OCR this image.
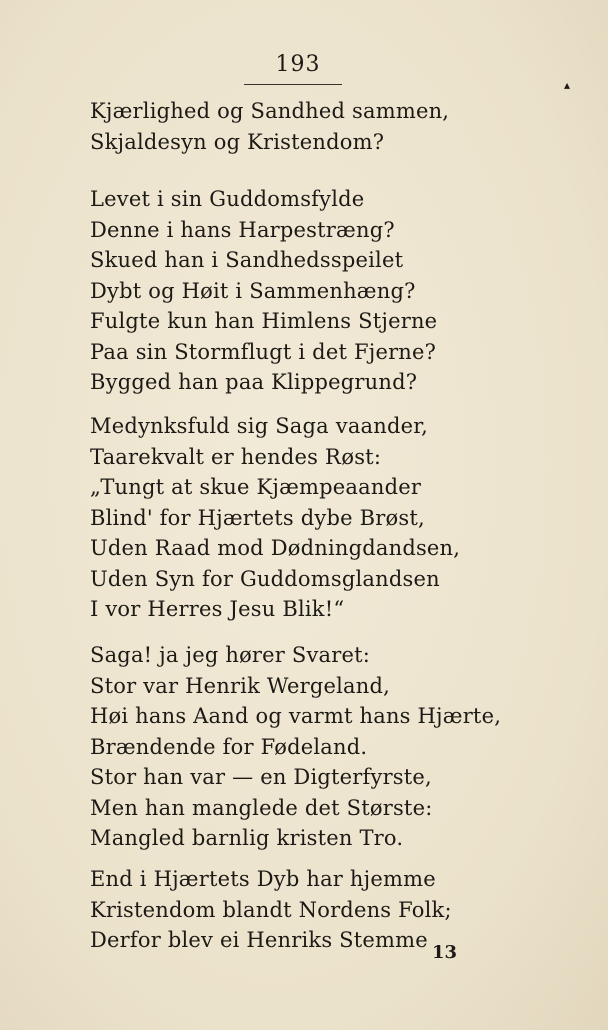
▴
193
Kjærlighed og Sandhed sammen,
Skjaldesyn og Kristendom?
Levet i sin Guddomsfylde
Denne i hans Harpestræng?
Skued han i Sandhedsspeilet
Dybt og Høit i Sammenhæng?
Fulgte kun han Himlens Stjerne
Paa sin Stormflugt i det Fjerne?
Bygged han paa Klippegrund?
Medynksfuld sig Saga vaander,
Taarekvalt er hendes Røst:
„Tungt at skue Kjæmpeaander
Blind' for Hjærtets dybe Brøst,
Uden Raad mod Dødningdandsen,
Uden Syn for Guddomsglandsen
I vor Herres Jesu Blik!“
Saga! ja jeg hører Svaret:
Stor var Henrik Wergeland,
Høi hans Aand og varmt hans Hjærte,
Brændende for Fødeland.
Stor han var — en Digterfyrste,
Men han manglede det Største:
Mangled barnlig kristen Tro.
End i Hjærtets Dyb har hjemme
Kristendom blandt Nordens Folk;
Derfor blev ei Henriks Stemme
13
